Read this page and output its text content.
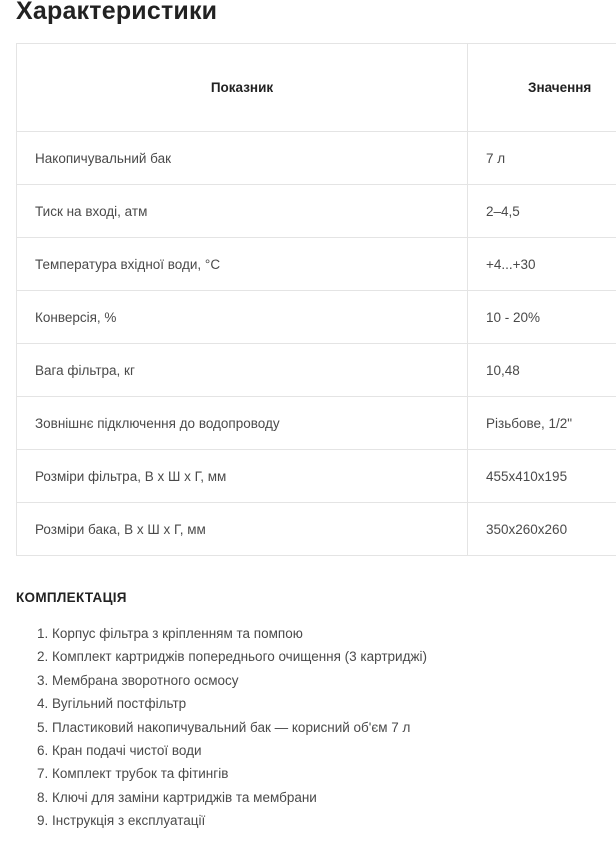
Характеристики
Показник	Значення
Накопичувальний бак	7 л
Тиск на вході, атм	2–4,5
Температура вхідної води, °C	+4...+30
Конверсія, %	10 - 20%
Вага фільтра, кг	10,48
Зовнішнє підключення до водопроводу	Різьбове, 1/2"
Розміри фільтра, В х Ш х Г, мм	455x410x195
Розміри бака, В х Ш х Г, мм	350x260x260
КОМПЛЕКТАЦІЯ
1. Корпус фільтра з кріпленням та помпою
2. Комплект картриджів попереднього очищення (3 картриджі)
3. Мембрана зворотного осмосу
4. Вугільний постфільтр
5. Пластиковий накопичувальний бак — корисний об'єм 7 л
6. Кран подачі чистої води
7. Комплект трубок та фітингів
8. Ключі для заміни картриджів та мембрани
9. Інструкція з експлуатації
